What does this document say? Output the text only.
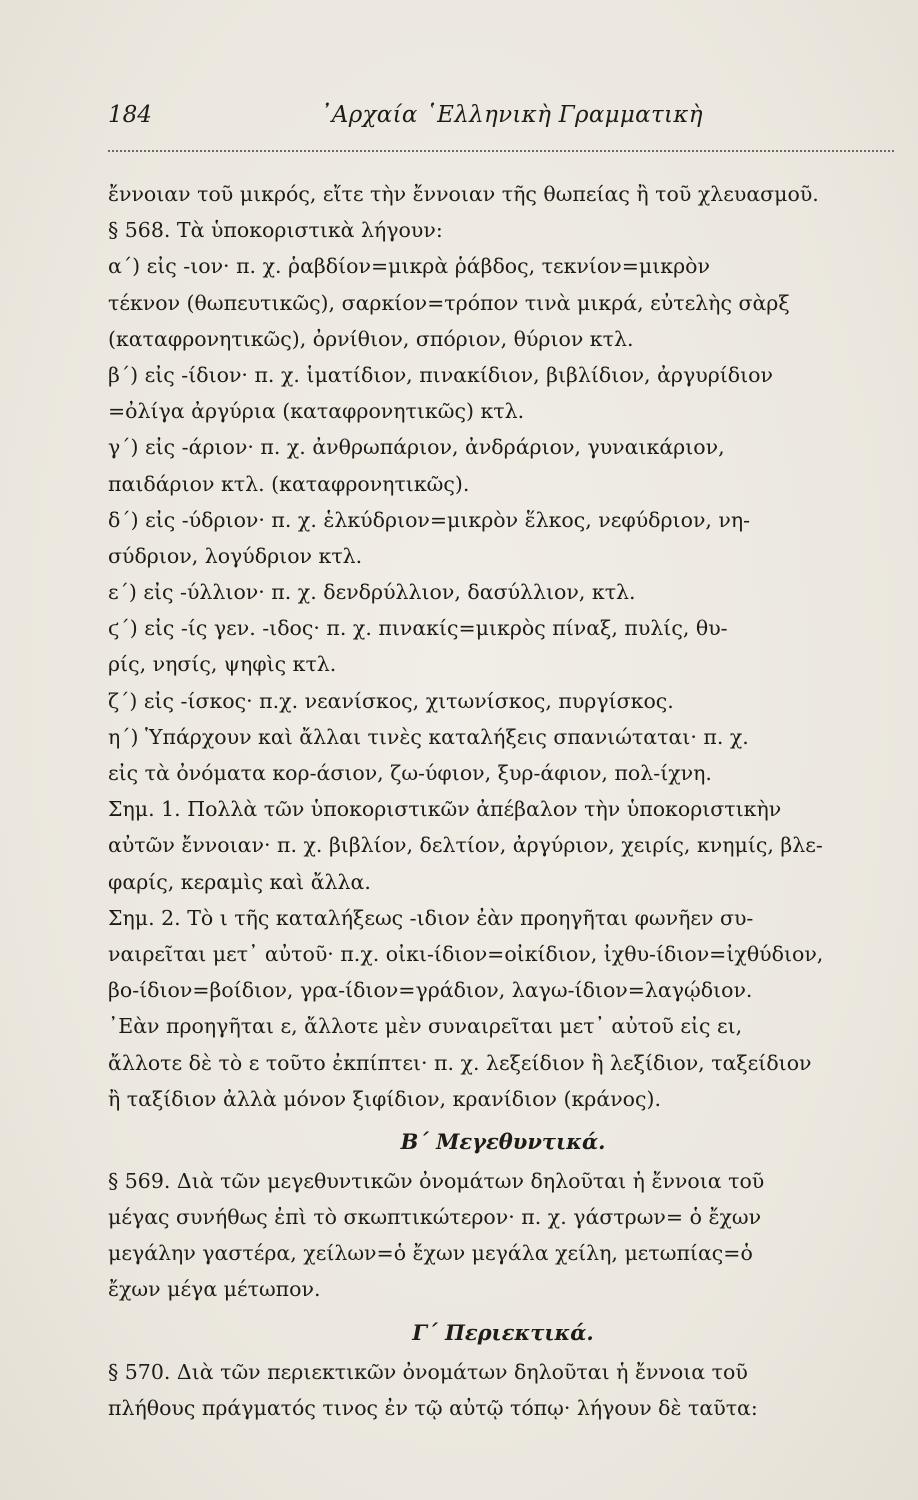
184	᾿Αρχαία ῾Ελληνικὴ Γραμματικὴ
ἔννοιαν τοῦ μικρός, εἴτε τὴν ἔννοιαν τῆς θωπείας ἢ τοῦ χλευασμοῦ.
§ 568. Τὰ ὑποκοριστικὰ λήγουν:
α΄) εἰς -ιον· π. χ. ῥαβδίον=μικρὰ ῥάβδος, τεκνίον=μικρὸν
τέκνον (θωπευτικῶς), σαρκίον=τρόπον τινὰ μικρά, εὐτελὴς σὰρξ
(καταφρονητικῶς), ὀρνίθιον, σπόριον, θύριον κτλ.
β΄) εἰς -ίδιον· π. χ. ἱματίδιον, πινακίδιον, βιβλίδιον, ἀργυρίδιον
=ὀλίγα ἀργύρια (καταφρονητικῶς) κτλ.
γ΄) εἰς -άριον· π. χ. ἀνθρωπάριον, ἀνδράριον, γυναικάριον,
παιδάριον κτλ. (καταφρονητικῶς).
δ΄) εἰς -ύδριον· π. χ. ἑλκύδριον=μικρὸν ἕλκος, νεφύδριον, νη-
σύδριον, λογύδριον κτλ.
ε΄) εἰς -ύλλιον· π. χ. δενδρύλλιον, δασύλλιον, κτλ.
ϛ΄) εἰς -ίς γεν. -ιδος· π. χ. πινακίς=μικρὸς πίναξ, πυλίς, θυ-
ρίς, νησίς, ψηφὶς κτλ.
ζ΄) εἰς -ίσκος· π.χ. νεανίσκος, χιτωνίσκος, πυργίσκος.
η΄) Ὑπάρχουν καὶ ἄλλαι τινὲς καταλήξεις σπανιώταται· π. χ.
εἰς τὰ ὀνόματα κορ-άσιον, ζω-ύφιον, ξυρ-άφιον, πολ-ίχνη.
Σημ. 1. Πολλὰ τῶν ὑποκοριστικῶν ἀπέβαλον τὴν ὑποκοριστικὴν
αὐτῶν ἔννοιαν· π. χ. βιβλίον, δελτίον, ἀργύριον, χειρίς, κνημίς, βλε-
φαρίς, κεραμὶς καὶ ἄλλα.
Σημ. 2. Τὸ ι τῆς καταλήξεως -ιδιον ἐὰν προηγῆται φωνῆεν συ-
ναιρεῖται μετ᾿ αὐτοῦ· π.χ. οἰκι-ίδιον=οἰκίδιον, ἰχθυ-ίδιον=ἰχθύδιον,
βο-ίδιον=βοίδιον, γρα-ίδιον=γράδιον, λαγω-ίδιον=λαγῴδιον.
᾿Εὰν προηγῆται ε, ἄλλοτε μὲν συναιρεῖται μετ᾿ αὐτοῦ εἰς ει,
ἄλλοτε δὲ τὸ ε τοῦτο ἐκπίπτει· π. χ. λεξείδιον ἢ λεξίδιον, ταξείδιον
ἢ ταξίδιον ἀλλὰ μόνον ξιφίδιον, κρανίδιον (κράνος).
Β΄ Μεγεθυντικά.
§ 569. Διὰ τῶν μεγεθυντικῶν ὀνομάτων δηλοῦται ἡ ἔννοια τοῦ
μέγας συνήθως ἐπὶ τὸ σκωπτικώτερον· π. χ. γάστρων= ὁ ἔχων
μεγάλην γαστέρα, χείλων=ὁ ἔχων μεγάλα χείλη, μετωπίας=ὁ
ἔχων μέγα μέτωπον.
Γ΄ Περιεκτικά.
§ 570. Διὰ τῶν περιεκτικῶν ὀνομάτων δηλοῦται ἡ ἔννοια τοῦ
πλήθους πράγματός τινος ἐν τῷ αὐτῷ τόπῳ· λήγουν δὲ ταῦτα:
